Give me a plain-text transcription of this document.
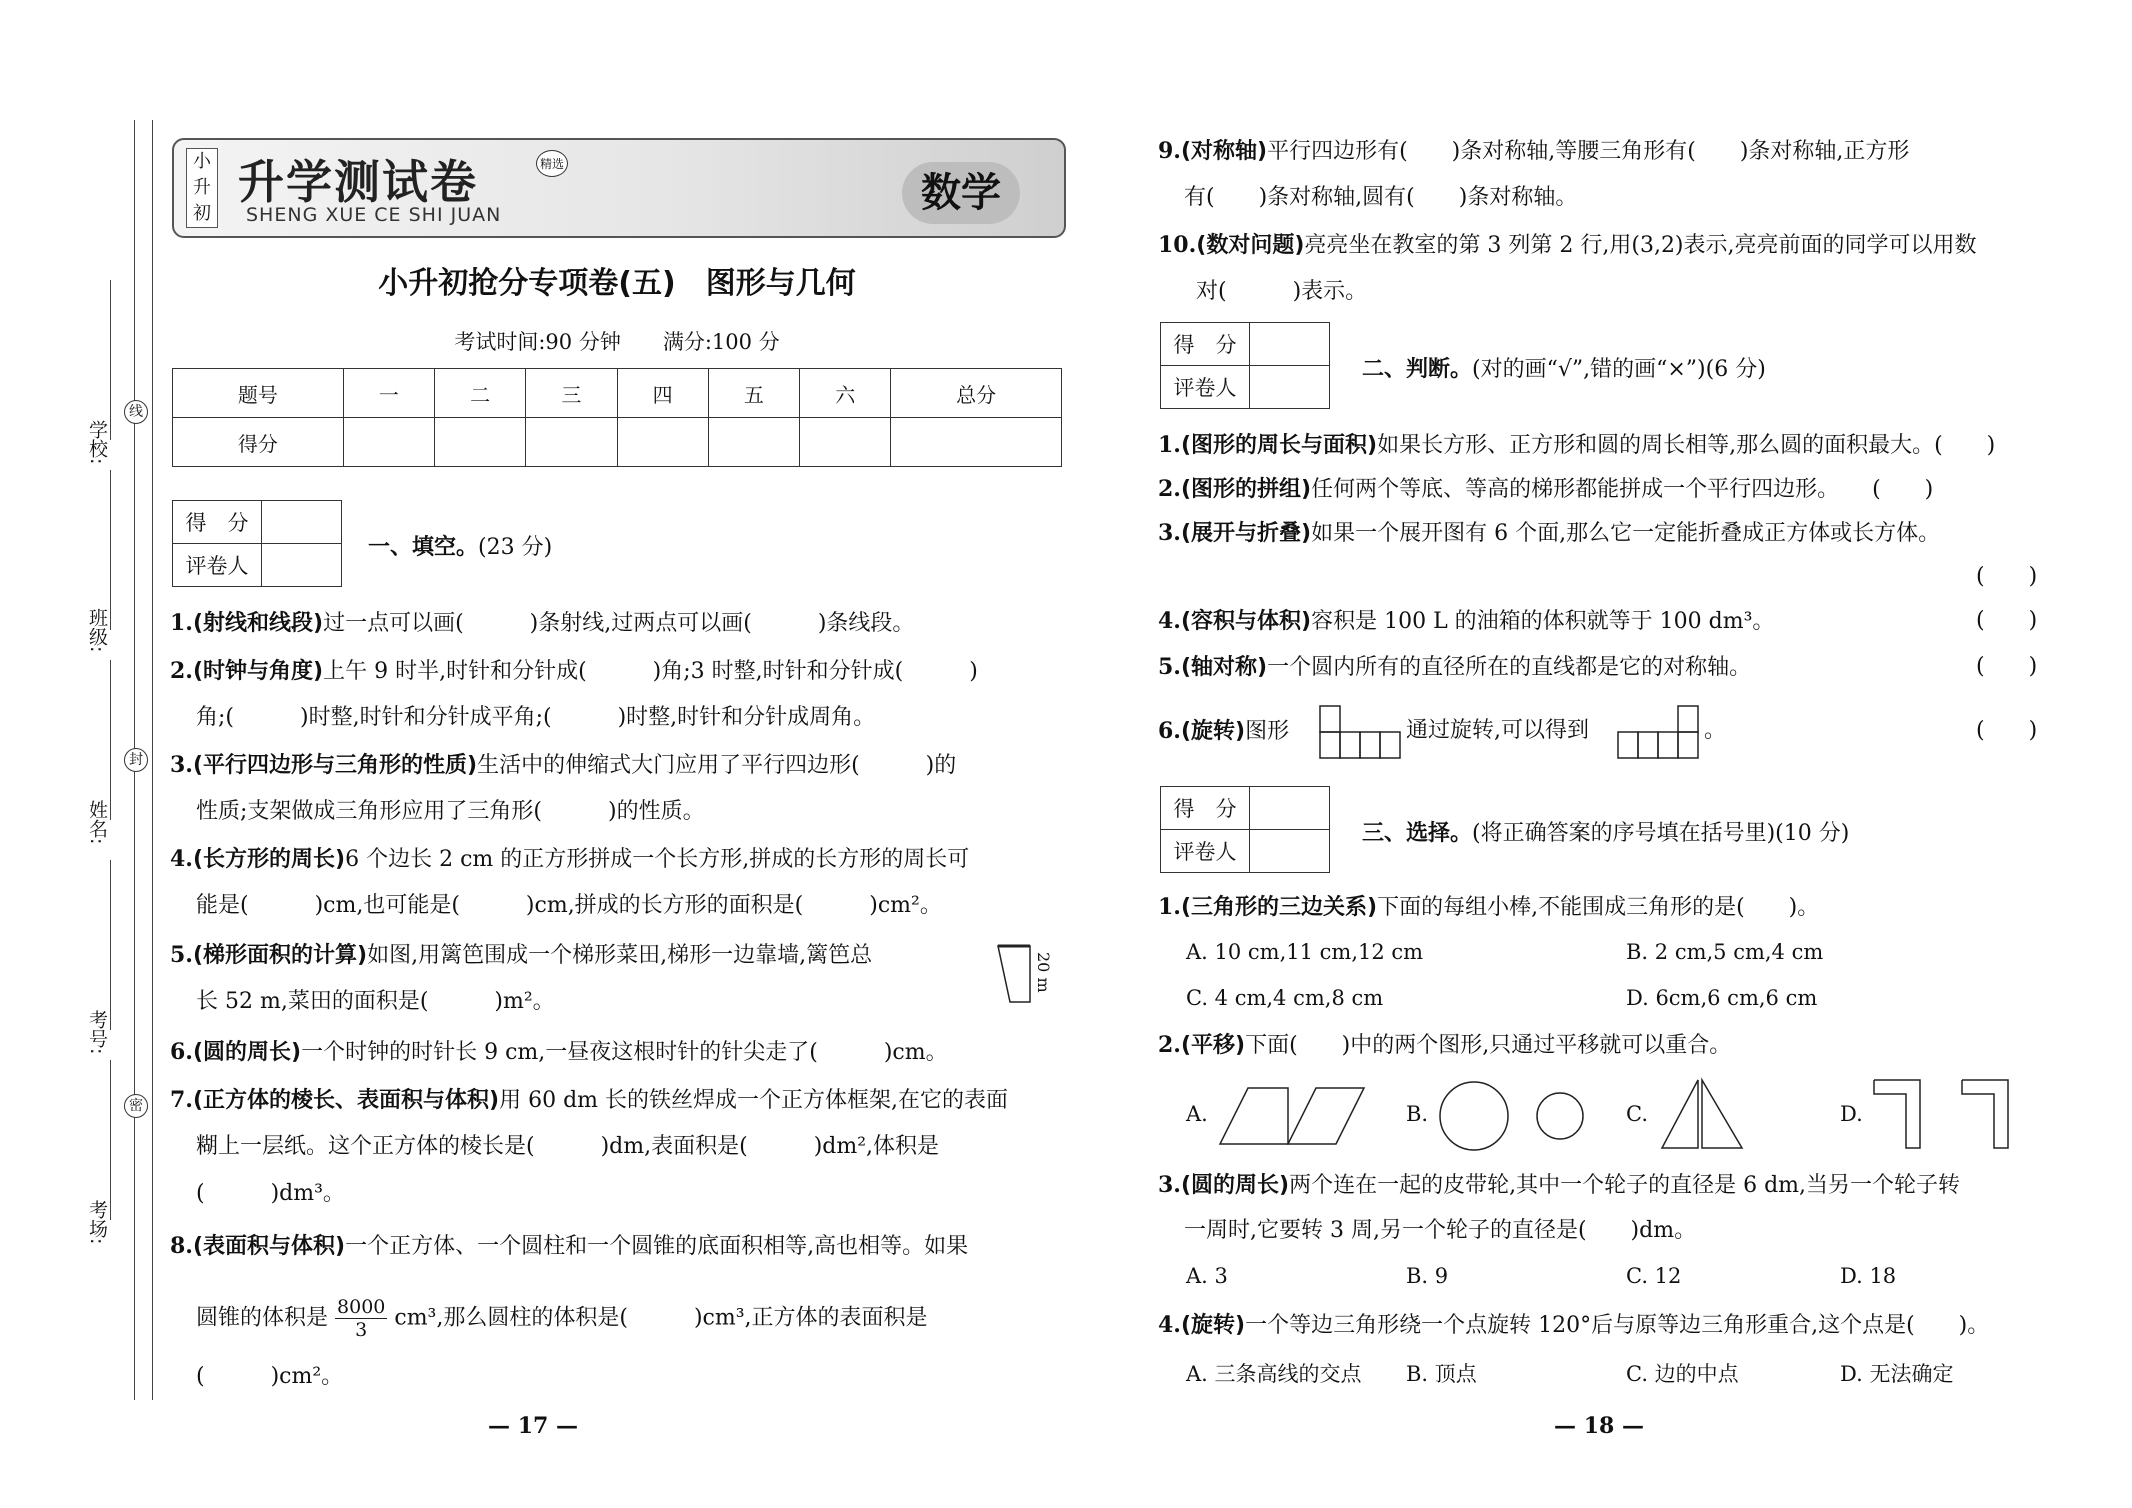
学校:
班级:
姓名:
考号:
考场:
线
封
密
小
升
初
升学测试卷	精选
SHENG XUE CE SHI JUAN	数学
小升初抢分专项卷(五)　图形与几何
考试时间:90 分钟　　满分:100 分
题号	一	二	三	四	五	六	总分
得分							
得　分	
评卷人	
一、填空。(23 分)
1.(射线和线段)过一点可以画(　　　)条射线,过两点可以画(　　　)条线段。
2.(时钟与角度)上午 9 时半,时针和分针成(　　　)角;3 时整,时针和分针成(　　　)
角;(　　　)时整,时针和分针成平角;(　　　)时整,时针和分针成周角。
3.(平行四边形与三角形的性质)生活中的伸缩式大门应用了平行四边形(　　　)的
性质;支架做成三角形应用了三角形(　　　)的性质。
4.(长方形的周长)6 个边长 2 cm 的正方形拼成一个长方形,拼成的长方形的周长可
能是(　　　)cm,也可能是(　　　)cm,拼成的长方形的面积是(　　　)cm²。
5.(梯形面积的计算)如图,用篱笆围成一个梯形菜田,梯形一边靠墙,篱笆总
长 52 m,菜田的面积是(　　　)m²。
20 m
6.(圆的周长)一个时钟的时针长 9 cm,一昼夜这根时针的针尖走了(　　　)cm。
7.(正方体的棱长、表面积与体积)用 60 dm 长的铁丝焊成一个正方体框架,在它的表面
糊上一层纸。这个正方体的棱长是(　　　)dm,表面积是(　　　)dm²,体积是
(　　　)dm³。
8.(表面积与体积)一个正方体、一个圆柱和一个圆锥的底面积相等,高也相等。如果
圆锥的体积是 $\frac{8000}{3} cm^3$,那么圆柱的体积是(　　　)cm³,正方体的表面积是
(　　　)cm²。
— 17 —
9.(对称轴)平行四边形有(　　)条对称轴,等腰三角形有(　　)条对称轴,正方形
有(　　)条对称轴,圆有(　　)条对称轴。
10.(数对问题)亮亮坐在教室的第 3 列第 2 行,用(3,2)表示,亮亮前面的同学可以用数
对(　　　)表示。
得　分	
评卷人	
二、判断。(对的画“√”,错的画“×”)(6 分)
1.(图形的周长与面积)如果长方形、正方形和圆的周长相等,那么圆的面积最大。(　　)
2.(图形的拼组)任何两个等底、等高的梯形都能拼成一个平行四边形。　　(　　)
3.(展开与折叠)如果一个展开图有 6 个面,那么它一定能折叠成正方体或长方体。
(　　)
4.(容积与体积)容积是 100 L 的油箱的体积就等于 100 dm³。	(　　)
5.(轴对称)一个圆内所有的直径所在的直线都是它的对称轴。	(　　)
6.(旋转)图形	通过旋转,可以得到	。	(　　)
得　分	
评卷人	
三、选择。(将正确答案的序号填在括号里)(10 分)
1.(三角形的三边关系)下面的每组小棒,不能围成三角形的是(　　)。
A. 10 cm,11 cm,12 cm	B. 2 cm,5 cm,4 cm
C. 4 cm,4 cm,8 cm	D. 6cm,6 cm,6 cm
2.(平移)下面(　　)中的两个图形,只通过平移就可以重合。
A.	B.	C.	D.
3.(圆的周长)两个连在一起的皮带轮,其中一个轮子的直径是 6 dm,当另一个轮子转
一周时,它要转 3 周,另一个轮子的直径是(　　)dm。
A. 3	B. 9	C. 12	D. 18
4.(旋转)一个等边三角形绕一个点旋转 120°后与原等边三角形重合,这个点是(　　)。
A. 三条高线的交点 B. 顶点	C. 边的中点	D. 无法确定
— 18 —
